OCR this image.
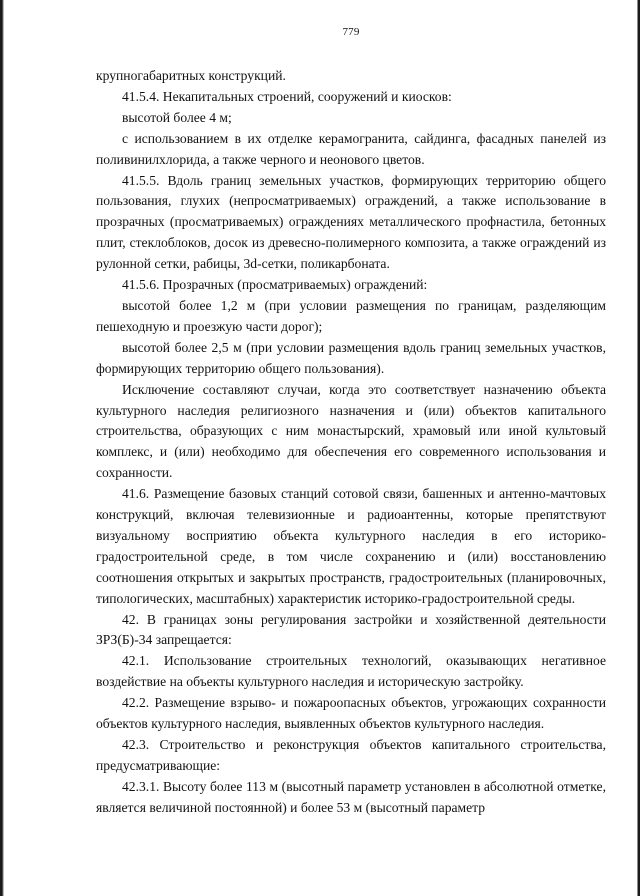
779

крупногабаритных конструкций.

41.5.4. Некапитальных строений, сооружений и киосков:

высотой более 4 м;

с использованием в их отделке керамогранита, сайдинга, фасадных панелей из поливинилхлорида, а также черного и неонового цветов.

41.5.5. Вдоль границ земельных участков, формирующих территорию общего пользования, глухих (непросматриваемых) ограждений, а также использование в прозрачных (просматриваемых) ограждениях металлического профнастила, бетонных плит, стеклоблоков, досок из древесно-полимерного композита, а также ограждений из рулонной сетки, рабицы, 3d-сетки, поликарбоната.

41.5.6. Прозрачных (просматриваемых) ограждений:

высотой более 1,2 м (при условии размещения по границам, разделяющим пешеходную и проезжую части дорог);

высотой более 2,5 м (при условии размещения вдоль границ земельных участков, формирующих территорию общего пользования).

Исключение составляют случаи, когда это соответствует назначению объекта культурного наследия религиозного назначения и (или) объектов капитального строительства, образующих с ним монастырский, храмовый или иной культовый комплекс, и (или) необходимо для обеспечения его современного использования и сохранности.

41.6. Размещение базовых станций сотовой связи, башенных и антенно-мачтовых конструкций, включая телевизионные и радиоантенны, которые препятствуют визуальному восприятию объекта культурного наследия в его историко-градостроительной среде, в том числе сохранению и (или) восстановлению соотношения открытых и закрытых пространств, градостроительных (планировочных, типологических, масштабных) характеристик историко-градостроительной среды.

42. В границах зоны регулирования застройки и хозяйственной деятельности ЗРЗ(Б)-34 запрещается:

42.1. Использование строительных технологий, оказывающих негативное воздействие на объекты культурного наследия и историческую застройку.

42.2. Размещение взрыво- и пожароопасных объектов, угрожающих сохранности объектов культурного наследия, выявленных объектов культурного наследия.

42.3. Строительство и реконструкция объектов капитального строительства, предусматривающие:

42.3.1. Высоту более 113 м (высотный параметр установлен в абсолютной отметке, является величиной постоянной) и более 53 м (высотный параметр
